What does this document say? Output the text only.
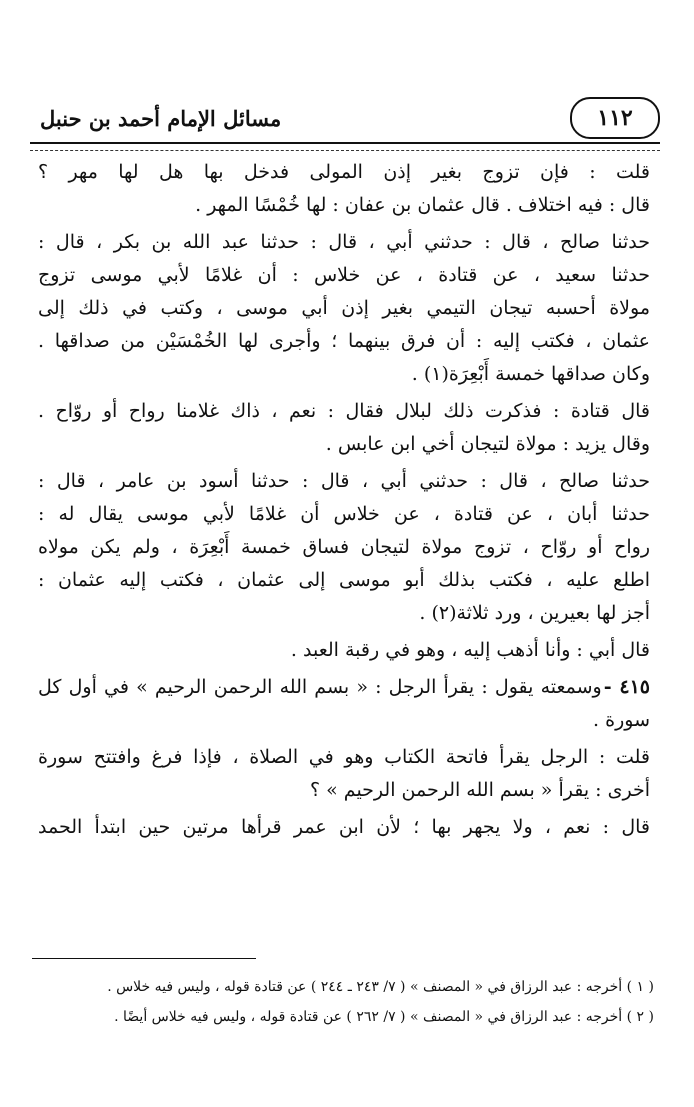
١١٢
مسائل الإمام أحمد بن حنبل
قلت : فإن تزوج بغير إذن المولى فدخل بها هل لها مهر ؟
قال : فيه اختلاف . قال عثمان بن عفان : لها خُمْسًا المهر .
حدثنا صالح ، قال : حدثني أبي ، قال : حدثنا عبد الله بن بكر ، قال :
حدثنا سعيد ، عن قتادة ، عن خلاس : أن غلامًا لأبي موسى تزوج
مولاة أحسبه تيجان التيمي بغير إذن أبي موسى ، وكتب في ذلك إلى
عثمان ، فكتب إليه : أن فرق بينهما ؛ وأجرى لها الخُمْسَيْن من صداقها .
وكان صداقها خمسة أَبْعِرَة(١) .
قال قتادة : فذكرت ذلك لبلال فقال : نعم ، ذاك غلامنا رواح أو روّاح .
وقال يزيد : مولاة لتيجان أخي ابن عابس .
حدثنا صالح ، قال : حدثني أبي ، قال : حدثنا أسود بن عامر ، قال :
حدثنا أبان ، عن قتادة ، عن خلاس أن غلامًا لأبي موسى يقال له :
رواح أو روّاح ، تزوج مولاة لتيجان فساق خمسة أَبْعِرَة ، ولم يكن مولاه
اطلع عليه ، فكتب بذلك أبو موسى إلى عثمان ، فكتب إليه عثمان :
أجز لها بعيرين ، ورد ثلاثة(٢) .
قال أبي : وأنا أذهب إليه ، وهو في رقبة العبد .
٤١٥ -وسمعته يقول : يقرأ الرجل : « بسم الله الرحمن الرحيم » في أول كل
سورة .
قلت : الرجل يقرأ فاتحة الكتاب وهو في الصلاة ، فإذا فرغ وافتتح سورة
أخرى : يقرأ « بسم الله الرحمن الرحيم » ؟
قال : نعم ، ولا يجهر بها ؛ لأن ابن عمر قرأها مرتين حين ابتدأ الحمد
( ١ ) أخرجه : عبد الرزاق في « المصنف » ( ٧/ ٢٤٣ ـ ٢٤٤ ) عن قتادة قوله ، وليس فيه خلاس .
( ٢ ) أخرجه : عبد الرزاق في « المصنف » ( ٧/ ٢٦٢ ) عن قتادة قوله ، وليس فيه خلاس أيضًا .
